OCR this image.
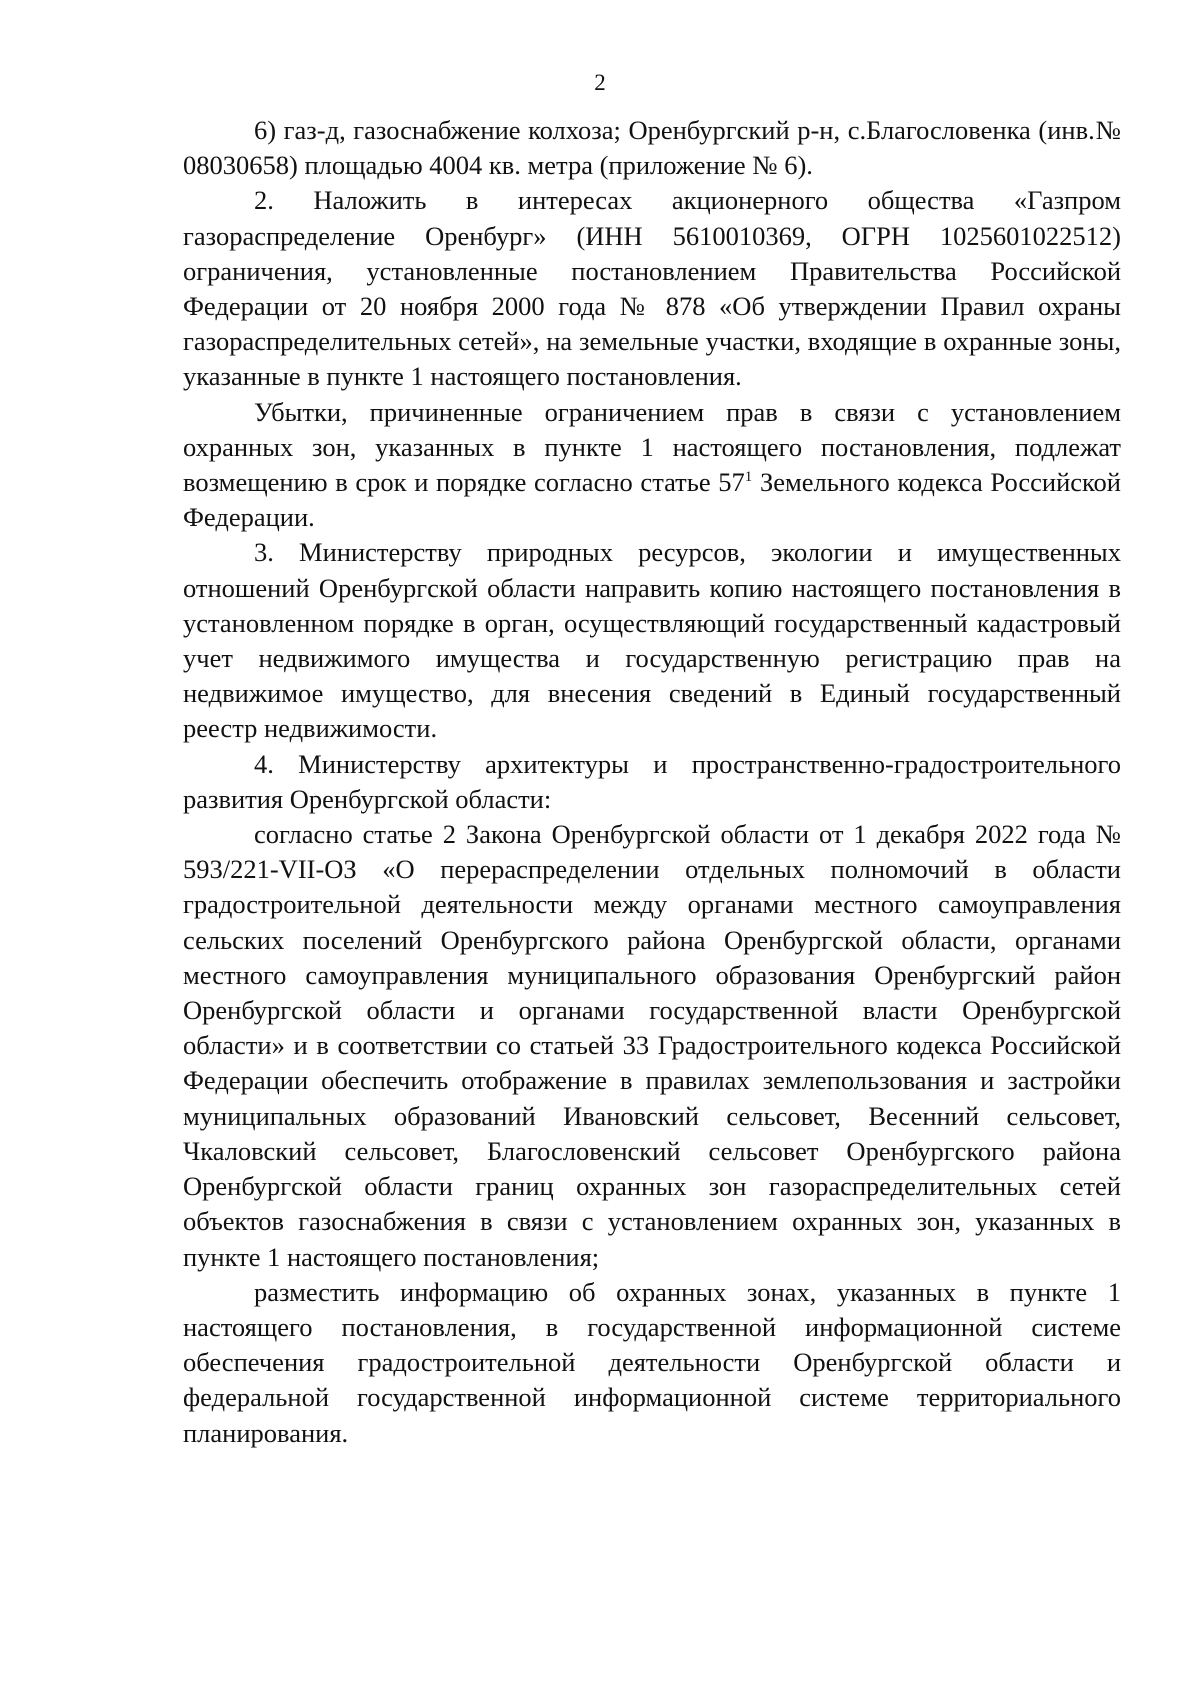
2

6) газ-д, газоснабжение колхоза; Оренбургский р-н, с.Благословенка (инв.№ 08030658) площадью 4004 кв. метра (приложение № 6).

2. Наложить в интересах акционерного общества «Газпром газораспределение Оренбург» (ИНН 5610010369, ОГРН 1025601022512) ограничения, установленные постановлением Правительства Российской Федерации от 20 ноября 2000 года № 878 «Об утверждении Правил охраны газораспределительных сетей», на земельные участки, входящие в охранные зоны, указанные в пункте 1 настоящего постановления.

Убытки, причиненные ограничением прав в связи с установлением охранных зон, указанных в пункте 1 настоящего постановления, подлежат возмещению в срок и порядке согласно статье $57^1$ Земельного кодекса Российской Федерации.

3. Министерству природных ресурсов, экологии и имущественных отношений Оренбургской области направить копию настоящего постановления в установленном порядке в орган, осуществляющий государственный кадастровый учет недвижимого имущества и государственную регистрацию прав на недвижимое имущество, для внесения сведений в Единый государственный реестр недвижимости.

4. Министерству архитектуры и пространственно-градостроительного развития Оренбургской области:

согласно статье 2 Закона Оренбургской области от 1 декабря 2022 года № 593/221-VII-ОЗ «О перераспределении отдельных полномочий в области градостроительной деятельности между органами местного самоуправления сельских поселений Оренбургского района Оренбургской области, органами местного самоуправления муниципального образования Оренбургский район Оренбургской области и органами государственной власти Оренбургской области» и в соответствии со статьей 33 Градостроительного кодекса Российской Федерации обеспечить отображение в правилах землепользования и застройки муниципальных образований Ивановский сельсовет, Весенний сельсовет, Чкаловский сельсовет, Благословенский сельсовет Оренбургского района Оренбургской области границ охранных зон газораспределительных сетей объектов газоснабжения в связи с установлением охранных зон, указанных в пункте 1 настоящего постановления;

разместить информацию об охранных зонах, указанных в пункте 1 настоящего постановления, в государственной информационной системе обеспечения градостроительной деятельности Оренбургской области и федеральной государственной информационной системе территориального планирования.
